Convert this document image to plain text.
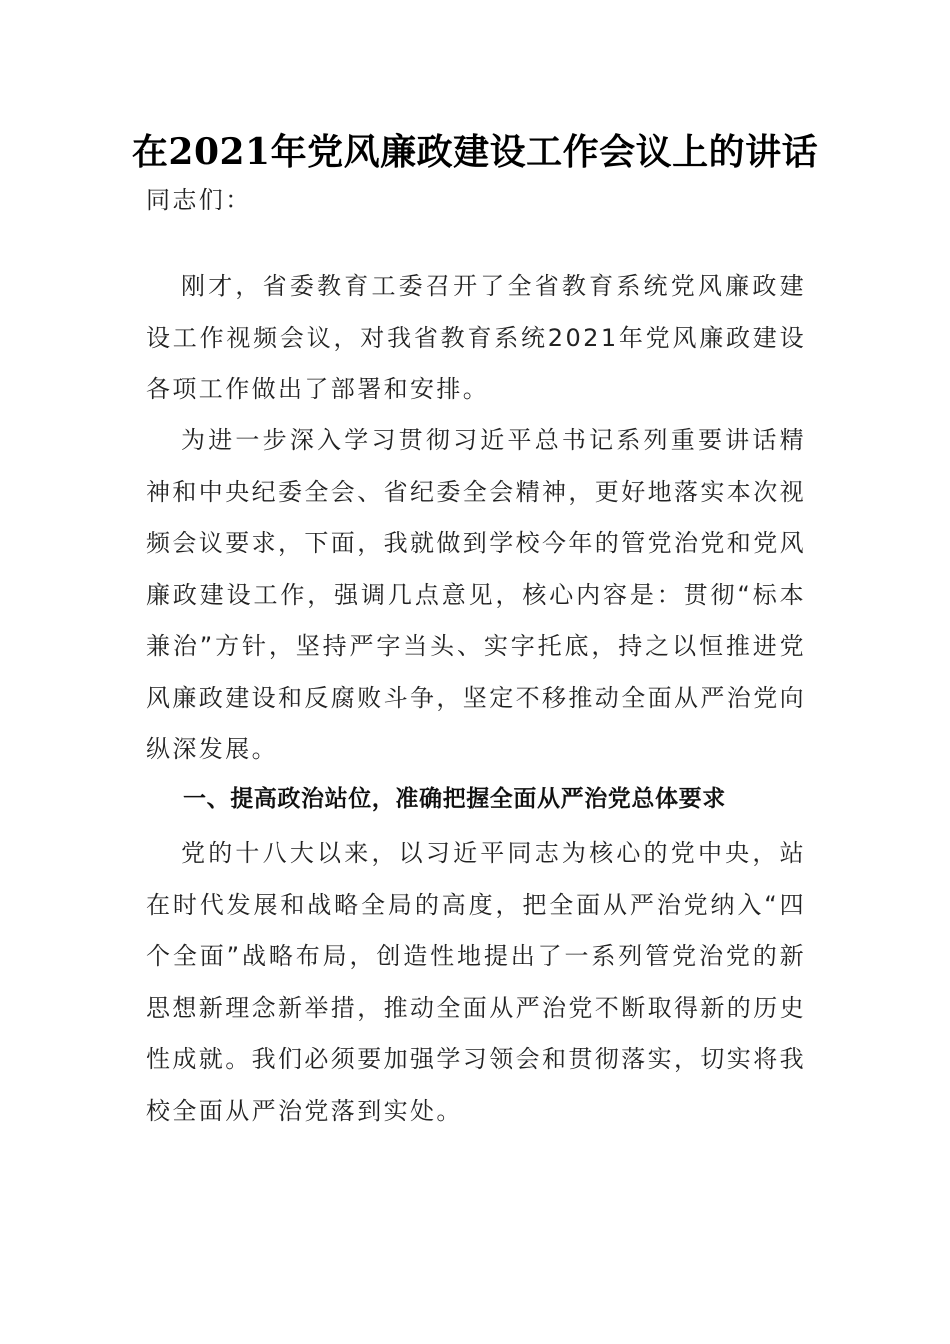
在2021年党风廉政建设工作会议上的讲话
同志们：
刚才，省委教育工委召开了全省教育系统党风廉政建设工作视频会议，对我省教育系统2021年党风廉政建设各项工作做出了部署和安排。
为进一步深入学习贯彻习近平总书记系列重要讲话精神和中央纪委全会、省纪委全会精神，更好地落实本次视频会议要求，下面，我就做到学校今年的管党治党和党风廉政建设工作，强调几点意见，核心内容是：贯彻“标本兼治”方针，坚持严字当头、实字托底，持之以恒推进党风廉政建设和反腐败斗争，坚定不移推动全面从严治党向纵深发展。
一、提高政治站位，准确把握全面从严治党总体要求
党的十八大以来，以习近平同志为核心的党中央，站在时代发展和战略全局的高度，把全面从严治党纳入“四个全面”战略布局，创造性地提出了一系列管党治党的新思想新理念新举措，推动全面从严治党不断取得新的历史性成就。我们必须要加强学习领会和贯彻落实，切实将我校全面从严治党落到实处。
